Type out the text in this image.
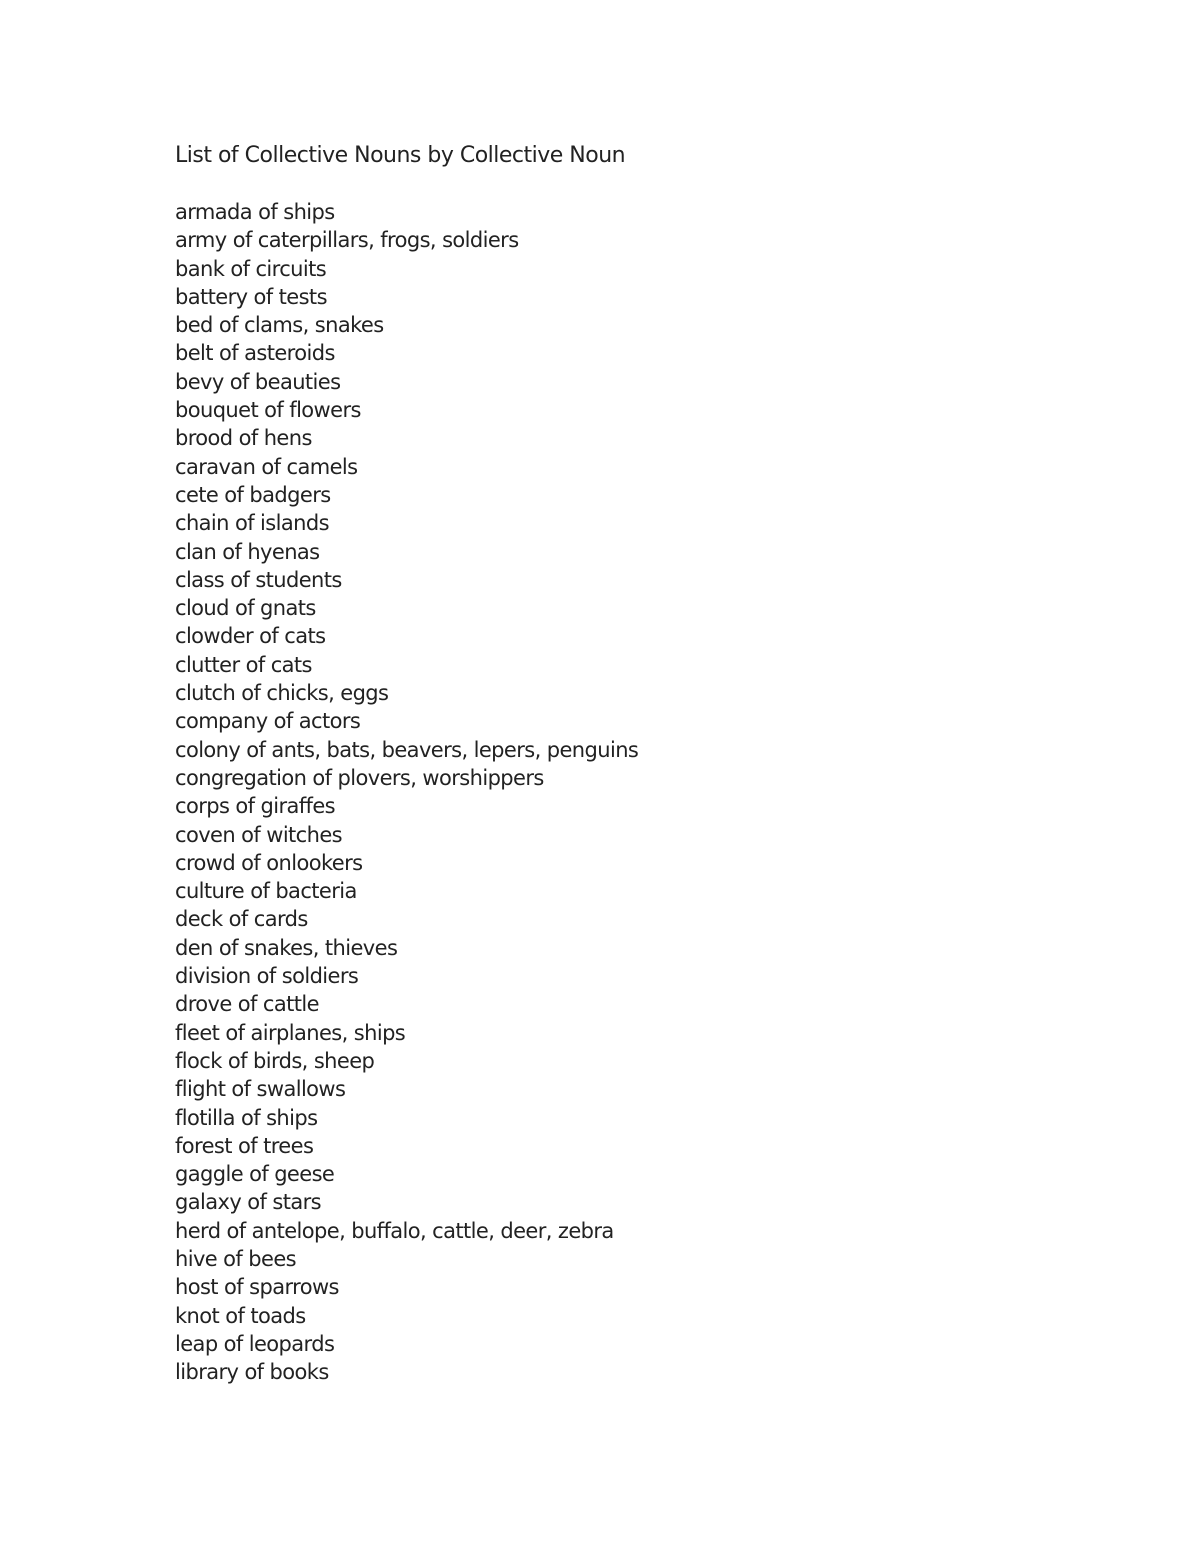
List of Collective Nouns by Collective Noun
armada of ships
army of caterpillars, frogs, soldiers
bank of circuits
battery of tests
bed of clams, snakes
belt of asteroids
bevy of beauties
bouquet of flowers
brood of hens
caravan of camels
cete of badgers
chain of islands
clan of hyenas
class of students
cloud of gnats
clowder of cats
clutter of cats
clutch of chicks, eggs
company of actors
colony of ants, bats, beavers, lepers, penguins
congregation of plovers, worshippers
corps of giraffes
coven of witches
crowd of onlookers
culture of bacteria
deck of cards
den of snakes, thieves
division of soldiers
drove of cattle
fleet of airplanes, ships
flock of birds, sheep
flight of swallows
flotilla of ships
forest of trees
gaggle of geese
galaxy of stars
herd of antelope, buffalo, cattle, deer, zebra
hive of bees
host of sparrows
knot of toads
leap of leopards
library of books
